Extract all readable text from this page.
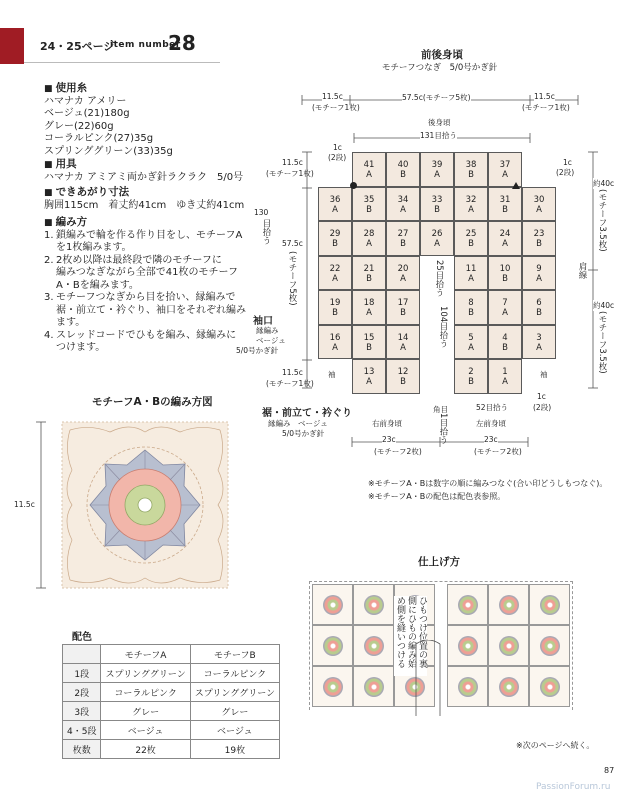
24・25ページ
item number
28
■ 使用糸
ハマナカ アメリー
ベージュ(21)180g
グレー(22)60g
コーラルピンク(27)35g
スプリンググリーン(33)35g
■ 用具
ハマナカ アミアミ両かぎ針ラクラク　5/0号
■ できあがり寸法
胸囲115cm　着丈約41cm　ゆき丈約41cm
■ 編み方
1. 鎖編みで輪を作る作り目をし、モチーフA
を1枚編みます。
2. 2枚め以降は最終段で隣のモチーフに
編みつなぎながら全部で41枚のモチーフ
A・Bを編みます。
3. モチーフつなぎから目を拾い、縁編みで
裾・前立て・衿ぐり、袖口をそれぞれ編み
ます。
4. スレッドコードでひもを編み、縁編みに
つけます。
前後身頃
モチーフつなぎ　5/0号かぎ針
11.5c
(モチーフ1枚)
57.5c(モチーフ5枚)	11.5c
(モチーフ1枚)
後身頃
131目拾う
1c
(2段)
1c
(2段)
11.5c
(モチーフ1枚)
130
目拾う 57.5c
(モチーフ5枚)
約40c
(モチーフ3.5枚)
肩線
約40c
(モチーフ3.5枚)
41
A
40
B
39
A
38
B
37
A
36
A
35
B
34
A
33
B
32
A
31
B
30
A
29
B
28
A
27
B
26
A
25
B
24
A
23
B
22
A
21
B
20
A
11
A
10
B
9
A
19
B
18
A
17
B
8
B
7
A
6
B
16
A
15
B
14
A
5
A
4
B
3
A
13
A
12
B
2
B
1
A
25目拾う
104目拾う
袖口
縁編み
ベージュ
5/0号かぎ針
袖	袖
11.5c
(モチーフ1枚)
裾・前立て・衿ぐり
縁編み　ベージュ
5/0号かぎ針
右前身頃	左前身頃
角目
1目拾う
52目拾う
1c
(2段)
23c
(モチーフ2枚)
23c
(モチーフ2枚)
※モチーフA・Bは数字の順に編みつなぐ(合い印どうしもつなぐ)。
※モチーフA・Bの配色は配色表参照。
モチーフA・Bの編み方図
11.5c
配色
	モチーフA	モチーフB
1段	スプリンググリーン	コーラルピンク
2段	コーラルピンク	スプリンググリーン
3段	グレー	グレー
4・5段	ベージュ	ベージュ
枚数	22枚	19枚
仕上げ方
ひもつけ位置の裏側にひもの編み始め側を縫いつける
※次のページへ続く。
87
PassionForum.ru
